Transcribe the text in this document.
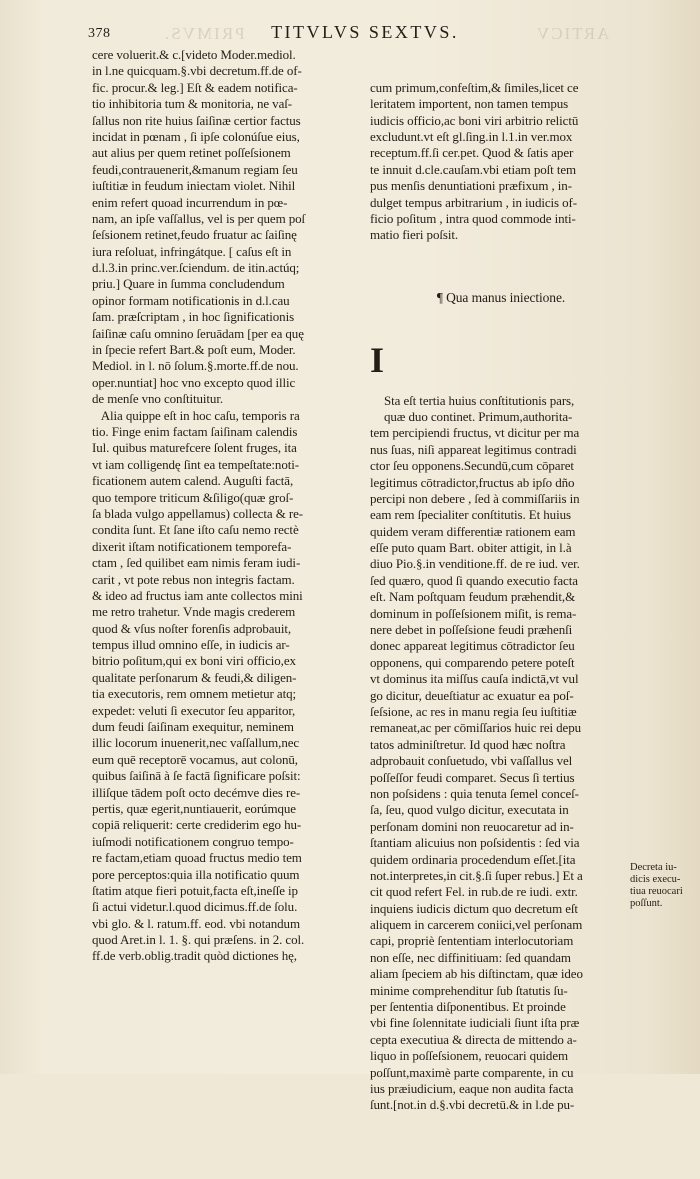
PRIMVS.	ARTICV
378	TITVLVS SEXTVS.
cere voluerit.& c.[videto Moder.mediol.
in l.ne quicquam.§.vbi decretum.ff.de of-
fic. procur.& leg.] Eſt & eadem notifica-
tio inhibitoria tum & monitoria, ne vaſ-
ſallus non rite huius ſaiſinæ certior factus
incidat in pœnam , ſi ipſe colonúſue eius,
aut alius per quem retinet poſſeſsionem
feudi,contrauenerit,&manum regiam ſeu
iuſtitiæ in feudum iniectam violet. Nihil
enim refert quoad incurrendum in pœ-
nam, an ipſe vaſſallus, vel is per quem poſ
ſeſsionem retinet,feudo fruatur ac ſaiſinę
iura reſoluat, infringátque. [ caſus eſt in
d.l.3.in princ.ver.ſciendum. de itin.actúq;
priu.] Quare in ſumma concludendum
opinor formam notificationis in d.l.cau
ſam. præſcriptam , in hoc ſignificationis
ſaiſinæ caſu omnino ſeruādam [per ea quę
in ſpecie refert Bart.& poſt eum, Moder.
Mediol. in l. nō ſolum.§.morte.ff.de nou.
oper.nuntiat] hoc vno excepto quod illic
de menſe vno conſtituitur.
Alia quippe eſt in hoc caſu, temporis ra
tio. Finge enim factam ſaiſinam calendis
Iul. quibus maturefcere ſolent fruges, ita
vt iam colligendę ſint ea tempeſtate:noti-
ficationem autem calend. Auguſti factā,
quo tempore triticum &ſiligo(quæ groſ-
ſa blada vulgo appellamus) collecta & re-
condita ſunt. Et ſane iſto caſu nemo rectè
dixerit iſtam notificationem temporefa-
ctam , ſed quilibet eam nimis feram iudi-
carit , vt pote rebus non integris factam.
& ideo ad fructus iam ante collectos mini
me retro trahetur. Vnde magis crederem
quod & vſus noſter forenſis adprobauit,
tempus illud omnino eſſe, in iudicis ar-
bitrio poſitum,qui ex boni viri officio,ex
qualitate perſonarum & feudi,& diligen-
tia executoris, rem omnem metietur atq;
expedet: veluti ſi executor ſeu apparitor,
dum feudi ſaiſinam exequitur, neminem
illic locorum inuenerit,nec vaſſallum,nec
eum quē receptorē vocamus, aut colonū,
quibus ſaiſinā à ſe factā ſignificare poſsit:
illiſque tādem poſt octo decémve dies re-
pertis, quæ egerit,nuntiauerit, eorúmque
copiā reliquerit: certe crediderim ego hu-
iuſmodi notificationem congruo tempo-
re factam,etiam quoad fructus medio tem
pore perceptos:quia illa notificatio quum
ſtatim atque fieri potuit,facta eſt,ineſſe ip
ſi actui videtur.l.quod dicimus.ff.de ſolu.
vbi glo. & l. ratum.ff. eod. vbi notandum
quod Aret.in l. 1. §. qui præſens. in 2. col.
ff.de verb.oblig.tradit quòd dictiones hę,

cum primum,confeſtim,& ſimiles,licet ce
leritatem importent, non tamen tempus
iudicis officio,ac boni viri arbitrio relictū
excludunt.vt eſt gl.ſing.in l.1.in ver.mox
receptum.ff.ſi cer.pet. Quod & ſatis aper
te innuit d.cle.cauſam.vbi etiam poſt tem
pus menſis denuntiationi præfixum , in-
dulget tempus arbitrarium , in iudicis of-
ficio poſitum , intra quod commode inti-
matio fieri poſsit.

¶ Qua manus iniectione.

I

Sta eſt tertia huius conſtitutionis pars,
quæ duo continet. Primum,authorita-
tem percipiendi fructus, vt dicitur per ma
nus ſuas, niſi appareat legitimus contradi
ctor ſeu opponens.Secundū,cum cōparet
legitimus cōtradictor,fructus ab ipſo dño
percipi non debere , ſed à commiſſariis in
eam rem ſpecialiter conſtitutis. Et huius
quidem veram differentiæ rationem eam
eſſe puto quam Bart. obiter attigit, in l.à
diuo Pio.§.in venditione.ff. de re iud. ver.
ſed quæro, quod ſi quando executio facta
eſt. Nam poſtquam feudum præhendit,&
dominum in poſſeſsionem miſit, is rema-
nere debet in poſſeſsione feudi præhenſi
donec appareat legitimus cōtradictor ſeu
opponens, qui comparendo petere poteſt
vt dominus ita miſſus cauſa indictā,vt vul
go dicitur, deueſtiatur ac exuatur ea poſ-
ſeſsione, ac res in manu regia ſeu iuſtitiæ
remaneat,ac per cōmiſſarios huic rei depu
tatos adminiſtretur. Id quod hæc noſtra
adprobauit conſuetudo, vbi vaſſallus vel
poſſeſſor feudi comparet. Secus ſi tertius
non poſsidens : quia tenuta ſemel conceſ-
ſa, ſeu, quod vulgo dicitur, executata in
perſonam domini non reuocaretur ad in-
ſtantiam alicuius non poſsidentis : ſed via
quidem ordinaria procedendum eſſet.[ita
not.interpretes,in cit.§.ſi ſuper rebus.] Et a
cit quod refert Fel. in rub.de re iudi. extr.
inquiens iudicis dictum quo decretum eſt
aliquem in carcerem coniici,vel perſonam
capi, propriè ſententiam interlocutoriam
non eſſe, nec diffinitiuam: ſed quandam
aliam ſpeciem ab his diſtinctam, quæ ideo
minime comprehenditur ſub ſtatutis ſu-
per ſententia diſponentibus. Et proinde
vbi fine ſolennitate iudiciali ſiunt iſta præ
cepta executiua & directa de mittendo a-
liquo in poſſeſsionem, reuocari quidem
poſſunt,maximè parte comparente, in cu
ius præiudicium, eaque non audita facta
ſunt.[not.in d.§.vbi decretū.& in l.de pu-

Decreta iu-
dicis execu-
tiua reuocari
poſſunt.
